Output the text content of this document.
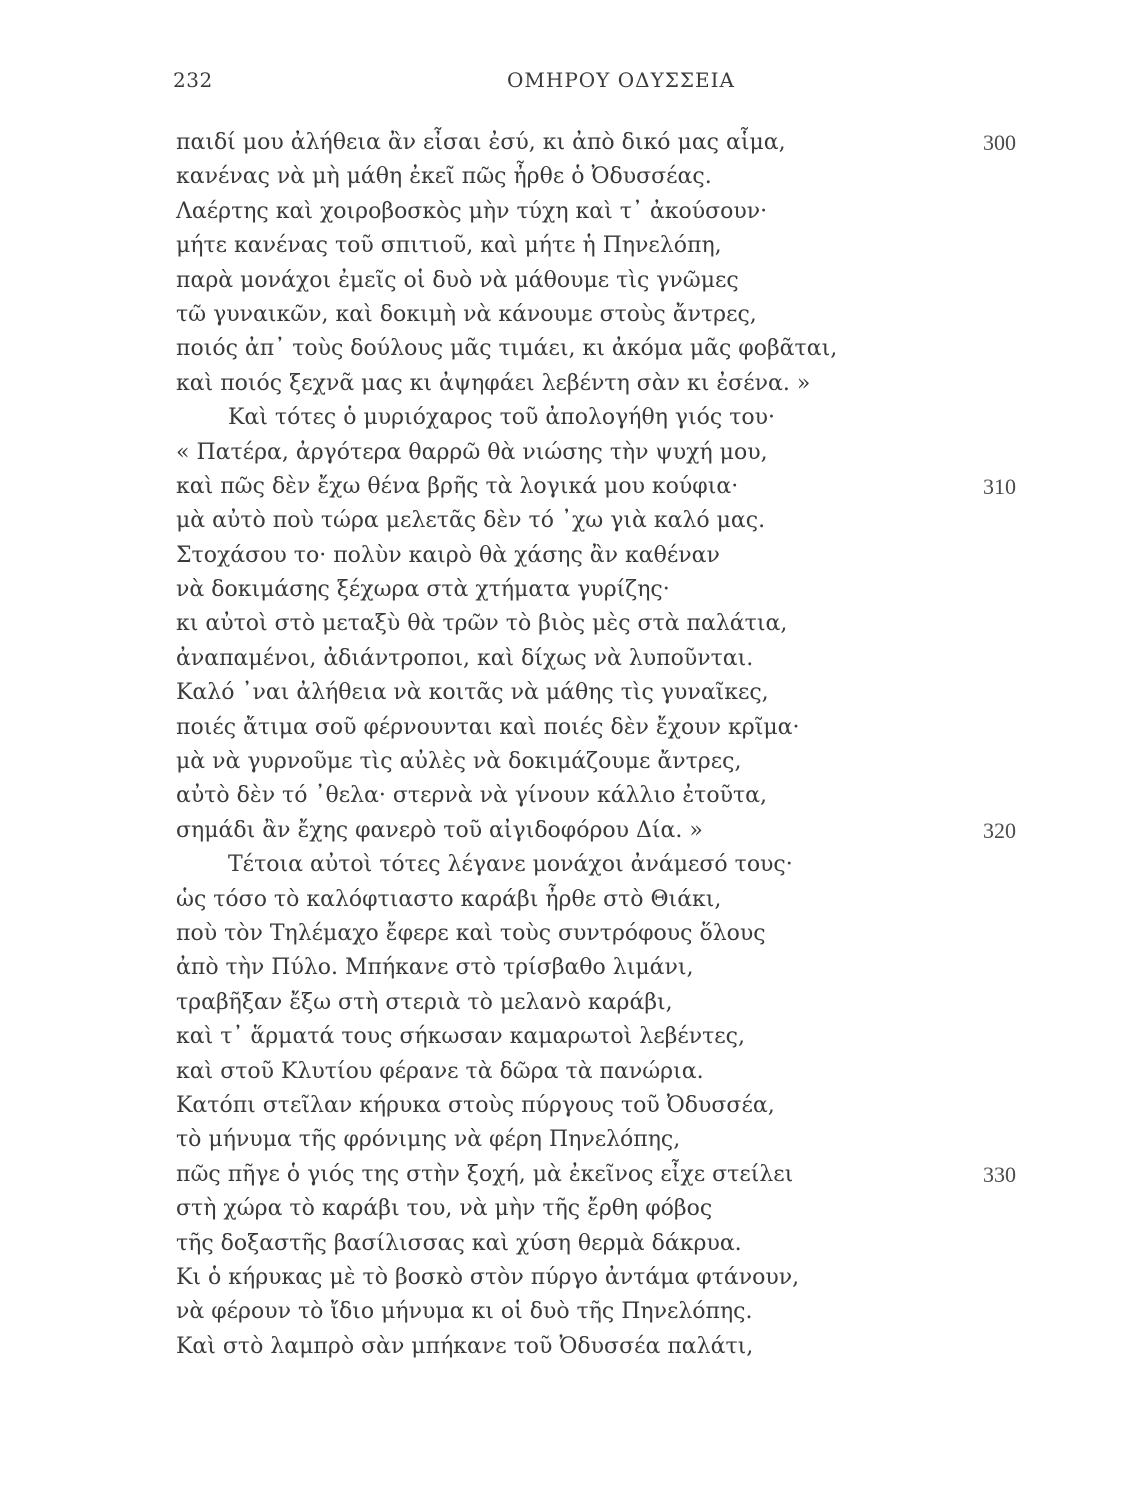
232	ΟΜΗΡΟΥ ΟΔΥΣΣΕΙΑ
παιδί μου ἀλήθεια ἂν εἶσαι ἐσύ, κι ἀπὸ δικό μας αἷμα,	300
κανένας νὰ μὴ μάθη ἐκεῖ πῶς ἦρθε ὁ Ὀδυσσέας.
Λαέρτης καὶ χοιροβοσκὸς μὴν τύχη καὶ τ᾽ ἀκούσουν·
μήτε κανένας τοῦ σπιτιοῦ, καὶ μήτε ἡ Πηνελόπη,
παρὰ μονάχοι ἐμεῖς οἱ δυὸ νὰ μάθουμε τὶς γνῶμες
τῶ γυναικῶν, καὶ δοκιμὴ νὰ κάνουμε στοὺς ἄντρες,
ποιός ἀπ᾽ τοὺς δούλους μᾶς τιμάει, κι ἀκόμα μᾶς φοβᾶται,
καὶ ποιός ξεχνᾶ μας κι ἀψηφάει λεβέντη σὰν κι ἐσένα. »
Καὶ τότες ὁ μυριόχαρος τοῦ ἀπολογήθη γιός του·
« Πατέρα, ἀργότερα θαρρῶ θὰ νιώσης τὴν ψυχή μου,
καὶ πῶς δὲν ἔχω θένα βρῆς τὰ λογικά μου κούφια·	310
μὰ αὐτὸ ποὺ τώρα μελετᾶς δὲν τό ᾽χω γιὰ καλό μας.
Στοχάσου το· πολὺν καιρὸ θὰ χάσης ἂν καθέναν
νὰ δοκιμάσης ξέχωρα στὰ χτήματα γυρίζης·
κι αὐτοὶ στὸ μεταξὺ θὰ τρῶν τὸ βιὸς μὲς στὰ παλάτια,
ἀναπαμένοι, ἀδιάντροποι, καὶ δίχως νὰ λυποῦνται.
Καλό ᾽ναι ἀλήθεια νὰ κοιτᾶς νὰ μάθης τὶς γυναῖκες,
ποιές ἄτιμα σοῦ φέρνουνται καὶ ποιές δὲν ἔχουν κρῖμα·
μὰ νὰ γυρνοῦμε τὶς αὐλὲς νὰ δοκιμάζουμε ἄντρες,
αὐτὸ δὲν τό ᾽θελα· στερνὰ νὰ γίνουν κάλλιο ἐτοῦτα,
σημάδι ἂν ἔχης φανερὸ τοῦ αἰγιδοφόρου Δία. »	320
Τέτοια αὐτοὶ τότες λέγανε μονάχοι ἀνάμεσό τους·
ὡς τόσο τὸ καλόφτιαστο καράβι ἦρθε στὸ Θιάκι,
ποὺ τὸν Τηλέμαχο ἔφερε καὶ τοὺς συντρόφους ὅλους
ἀπὸ τὴν Πύλο. Μπήκανε στὸ τρίσβαθο λιμάνι,
τραβῆξαν ἔξω στὴ στεριὰ τὸ μελανὸ καράβι,
καὶ τ᾽ ἅρματά τους σήκωσαν καμαρωτοὶ λεβέντες,
καὶ στοῦ Κλυτίου φέρανε τὰ δῶρα τὰ πανώρια.
Κατόπι στεῖλαν κήρυκα στοὺς πύργους τοῦ Ὀδυσσέα,
τὸ μήνυμα τῆς φρόνιμης νὰ φέρη Πηνελόπης,
πῶς πῆγε ὁ γιός της στὴν ξοχή, μὰ ἐκεῖνος εἶχε στείλει	330
στὴ χώρα τὸ καράβι του, νὰ μὴν τῆς ἔρθη φόβος
τῆς δοξαστῆς βασίλισσας καὶ χύση θερμὰ δάκρυα.
Κι ὁ κήρυκας μὲ τὸ βοσκὸ στὸν πύργο ἀντάμα φτάνουν,
νὰ φέρουν τὸ ἴδιο μήνυμα κι οἱ δυὸ τῆς Πηνελόπης.
Καὶ στὸ λαμπρὸ σὰν μπήκανε τοῦ Ὀδυσσέα παλάτι,
